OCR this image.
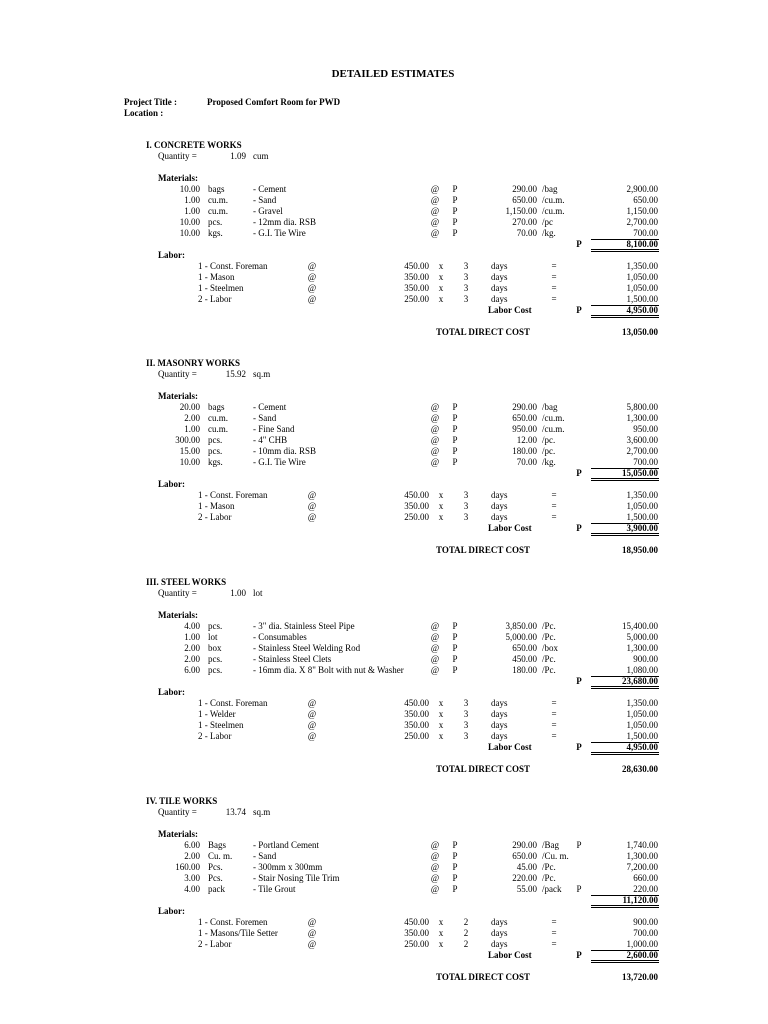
DETAILED ESTIMATES
Project Title :	Proposed Comfort Room for PWD
Location :
I. CONCRETE WORKS
Quantity =	1.09 cum
Materials:
10.00 bags	- Cement	@ P	290.00 /bag	2,900.00
1.00 cu.m.	- Sand	@ P	650.00 /cu.m.	650.00
1.00 cu.m.	- Gravel	@ P	1,150.00 /cu.m.	1,150.00
10.00 pcs.	- 12mm dia. RSB	@ P	270.00 /pc	2,700.00
10.00 kgs.	- G.I. Tie Wire	@ P	70.00 /kg.	700.00
P	8,100.00
Labor:
1 - Const. Foreman	@	450.00	x	3	days	=	1,350.00
1 - Mason	@	350.00	x	3	days	=	1,050.00
1 - Steelmen	@	350.00	x	3	days	=	1,050.00
2 - Labor	@	250.00	x	3	days	=	1,500.00
Labor Cost	P	4,950.00
TOTAL DIRECT COST	13,050.00
II. MASONRY WORKS
Quantity =	15.92 sq.m
Materials:
20.00 bags	- Cement	@ P	290.00 /bag	5,800.00
2.00 cu.m.	- Sand	@ P	650.00 /cu.m.	1,300.00
1.00 cu.m.	- Fine Sand	@ P	950.00 /cu.m.	950.00
300.00 pcs.	- 4" CHB	@ P	12.00 /pc.	3,600.00
15.00 pcs.	- 10mm dia. RSB	@ P	180.00 /pc.	2,700.00
10.00 kgs.	- G.I. Tie Wire	@ P	70.00 /kg.	700.00
P	15,050.00
Labor:
1 - Const. Foreman	@	450.00	x	3	days	=	1,350.00
1 - Mason	@	350.00	x	3	days	=	1,050.00
2 - Labor	@	250.00	x	3	days	=	1,500.00
Labor Cost	P	3,900.00
TOTAL DIRECT COST	18,950.00
III. STEEL WORKS
Quantity =	1.00 lot
Materials:
4.00 pcs.	- 3" dia. Stainless Steel Pipe	@ P	3,850.00 /Pc.	15,400.00
1.00 lot	- Consumables	@ P	5,000.00 /Pc.	5,000.00
2.00 box	- Stainless Steel Welding Rod	@ P	650.00 /box	1,300.00
2.00 pcs.	- Stainless Steel Clets	@ P	450.00 /Pc.	900.00
6.00 pcs.	- 16mm dia. X 8" Bolt with nut & Washer	@ P	180.00 /Pc.	1,080.00
P	23,680.00
Labor:
1 - Const. Foreman	@	450.00	x	3	days	=	1,350.00
1 - Welder	@	350.00	x	3	days	=	1,050.00
1 - Steelmen	@	350.00	x	3	days	=	1,050.00
2 - Labor	@	250.00	x	3	days	=	1,500.00
Labor Cost	P	4,950.00
TOTAL DIRECT COST	28,630.00
IV. TILE WORKS
Quantity =	13.74 sq.m
Materials:
6.00 Bags	- Portland Cement	@ P	290.00 /Bag P	1,740.00
2.00 Cu. m. - Sand	@ P	650.00 /Cu. m.	1,300.00
160.00 Pcs.	- 300mm x 300mm	@ P	45.00 /Pc.	7,200.00
3.00 Pcs.	- Stair Nosing Tile Trim	@ P	220.00 /Pc.	660.00
4.00 pack	- Tile Grout	@ P	55.00 /pack P	220.00
11,120.00
Labor:
1 - Const. Foremen	@	450.00	x	2	days	=	900.00
1 - Masons/Tile Setter	@	350.00	x	2	days	=	700.00
2 - Labor	@	250.00	x	2	days	=	1,000.00
Labor Cost	P	2,600.00
TOTAL DIRECT COST	13,720.00
